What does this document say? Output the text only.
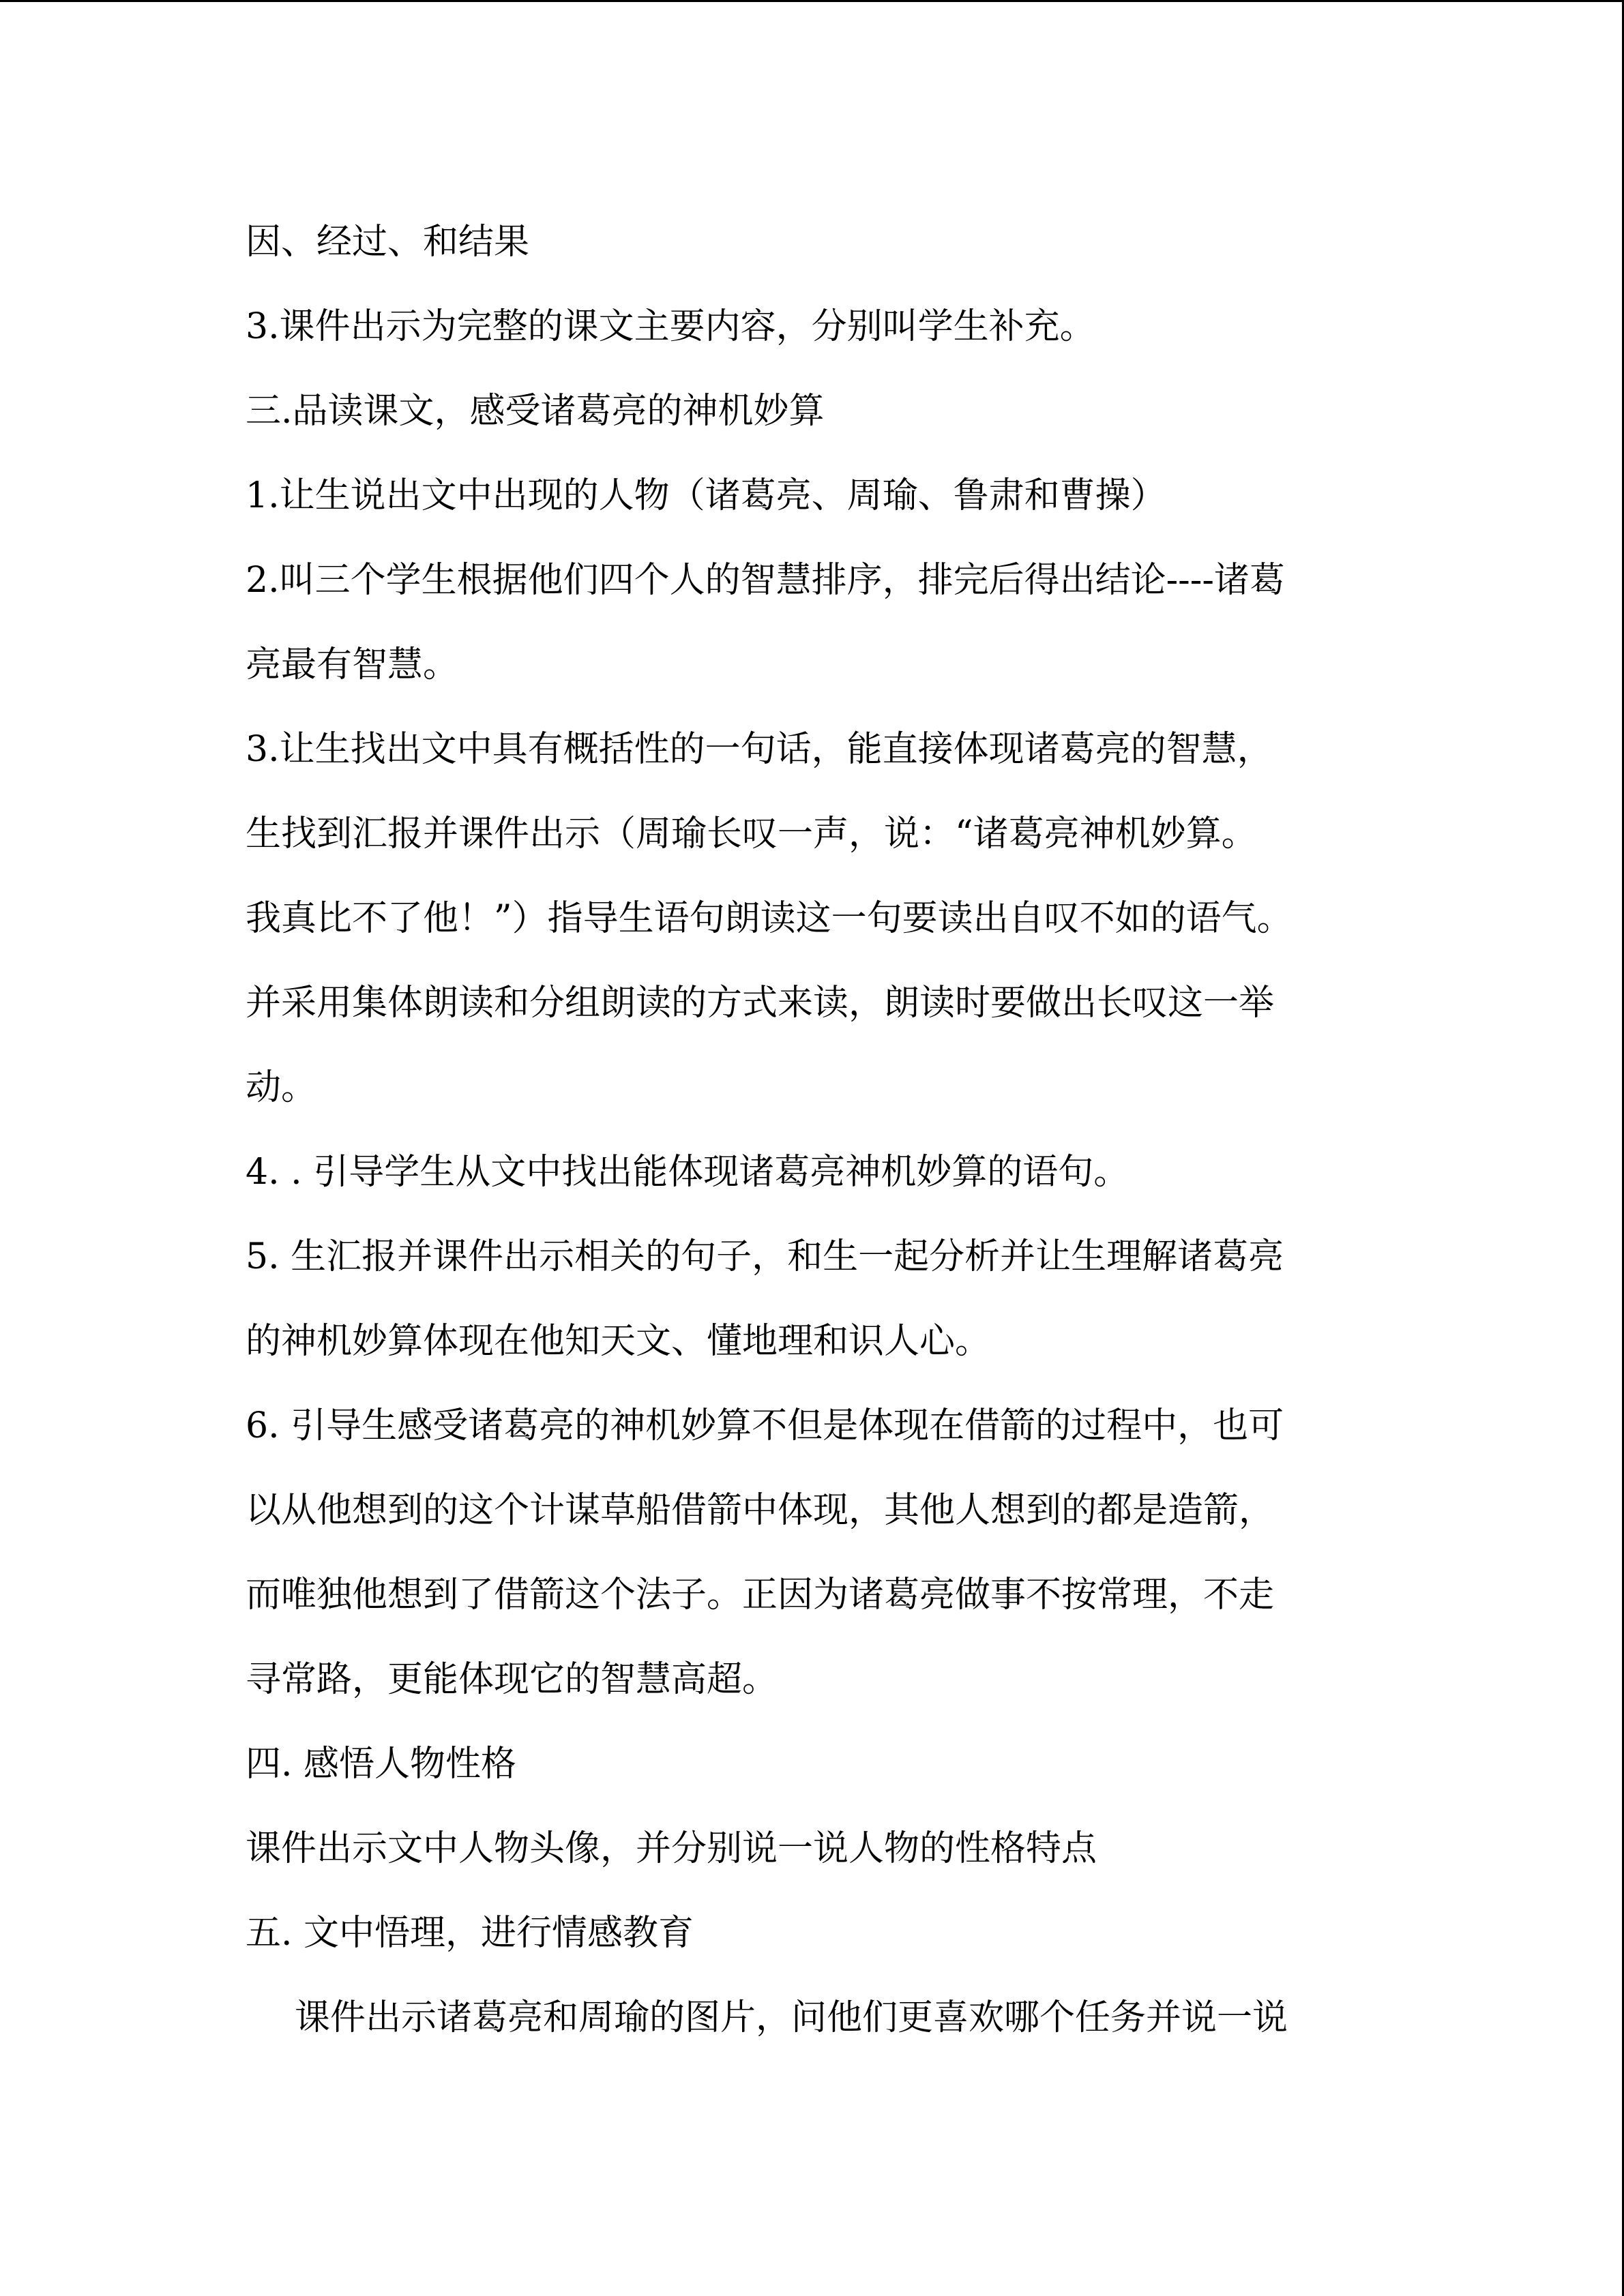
因、经过、和结果
3.课件出示为完整的课文主要内容，分别叫学生补充。
三.品读课文，感受诸葛亮的神机妙算
1.让生说出文中出现的人物（诸葛亮、周瑜、鲁肃和曹操）
2.叫三个学生根据他们四个人的智慧排序，排完后得出结论----诸葛
亮最有智慧。
3.让生找出文中具有概括性的一句话，能直接体现诸葛亮的智慧，
生找到汇报并课件出示（周瑜长叹一声，说：“诸葛亮神机妙算。
我真比不了他！”）指导生语句朗读这一句要读出自叹不如的语气。
并采用集体朗读和分组朗读的方式来读，朗读时要做出长叹这一举
动。
4. . 引导学生从文中找出能体现诸葛亮神机妙算的语句。
5. 生汇报并课件出示相关的句子，和生一起分析并让生理解诸葛亮
的神机妙算体现在他知天文、懂地理和识人心。
6. 引导生感受诸葛亮的神机妙算不但是体现在借箭的过程中，也可
以从他想到的这个计谋草船借箭中体现，其他人想到的都是造箭，
而唯独他想到了借箭这个法子。正因为诸葛亮做事不按常理，不走
寻常路，更能体现它的智慧高超。
四. 感悟人物性格
课件出示文中人物头像，并分别说一说人物的性格特点
五. 文中悟理，进行情感教育
课件出示诸葛亮和周瑜的图片，问他们更喜欢哪个任务并说一说
